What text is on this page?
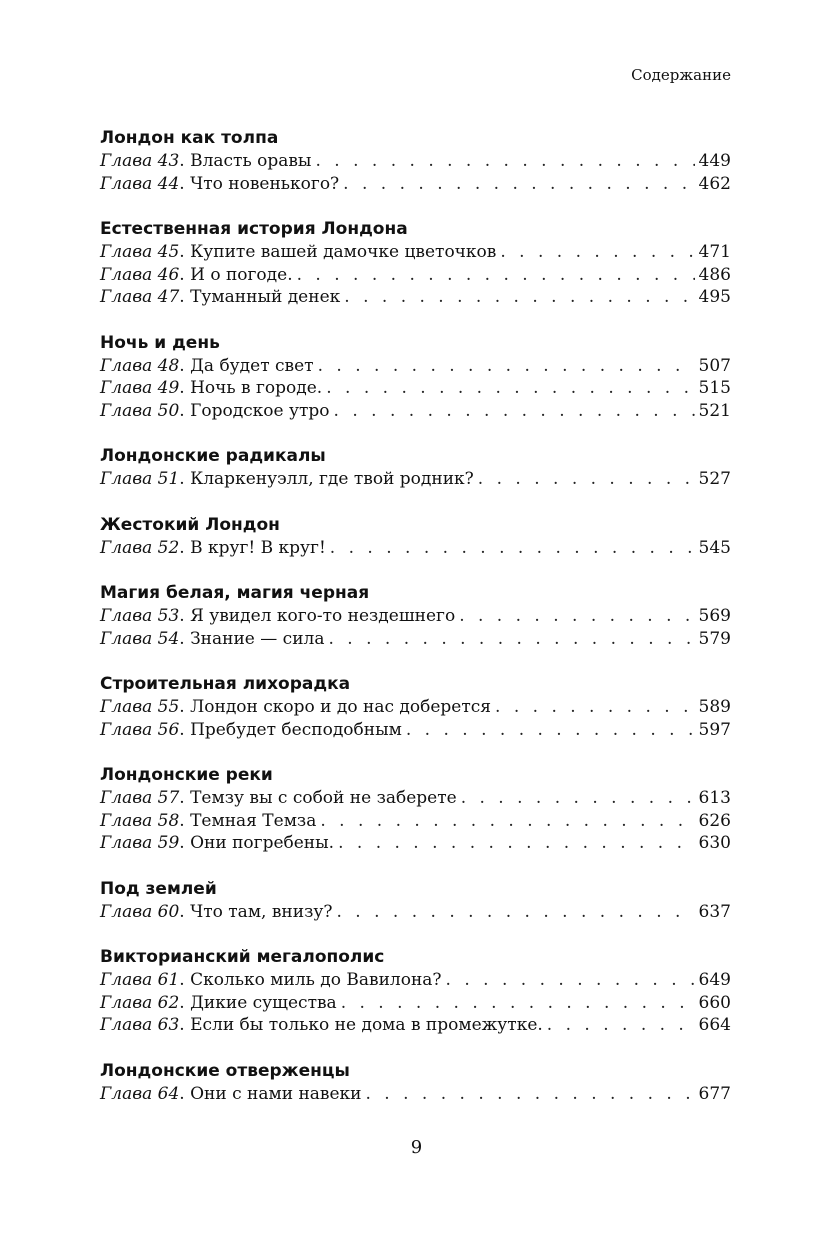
Содержание
Лондон как толпа
Глава 43 . Власть оравы . . .	449
Глава 44 . Что новенького? . . .	462
Естественная история Лондона
Глава 45 . Купите вашей дамочке цветочков . . .	471
Глава 46 . И о погоде. . . .	486
Глава 47 . Туманный денек . . .	495
Ночь и день
Глава 48 . Да будет свет . . .	507
Глава 49 . Ночь в городе. . . .	515
Глава 50 . Городское утро . . .	521
Лондонские радикалы
Глава 51 . Кларкенуэлл, где твой родник? . . .	527
Жестокий Лондон
Глава 52 . В круг! В круг! . . .	545
Магия белая, магия черная
Глава 53 . Я увидел кого-то нездешнего . . .	569
Глава 54 . Знание — сила . . .	579
Строительная лихорадка
Глава 55 . Лондон скоро и до нас доберется . . .	589
Глава 56 . Пребудет бесподобным . . .	597
Лондонские реки
Глава 57 . Темзу вы с собой не заберете . . .	613
Глава 58 . Темная Темза . . .	626
Глава 59 . Они погребены. . . .	630
Под землей
Глава 60 . Что там, внизу? . . .	637
Викторианский мегалополис
Глава 61 . Сколько миль до Вавилона? . . .	649
Глава 62 . Дикие существа . . .	660
Глава 63 . Если бы только не дома в промежутке. . . .	664
Лондонские отверженцы
Глава 64 . Они с нами навеки . . .	677
9
